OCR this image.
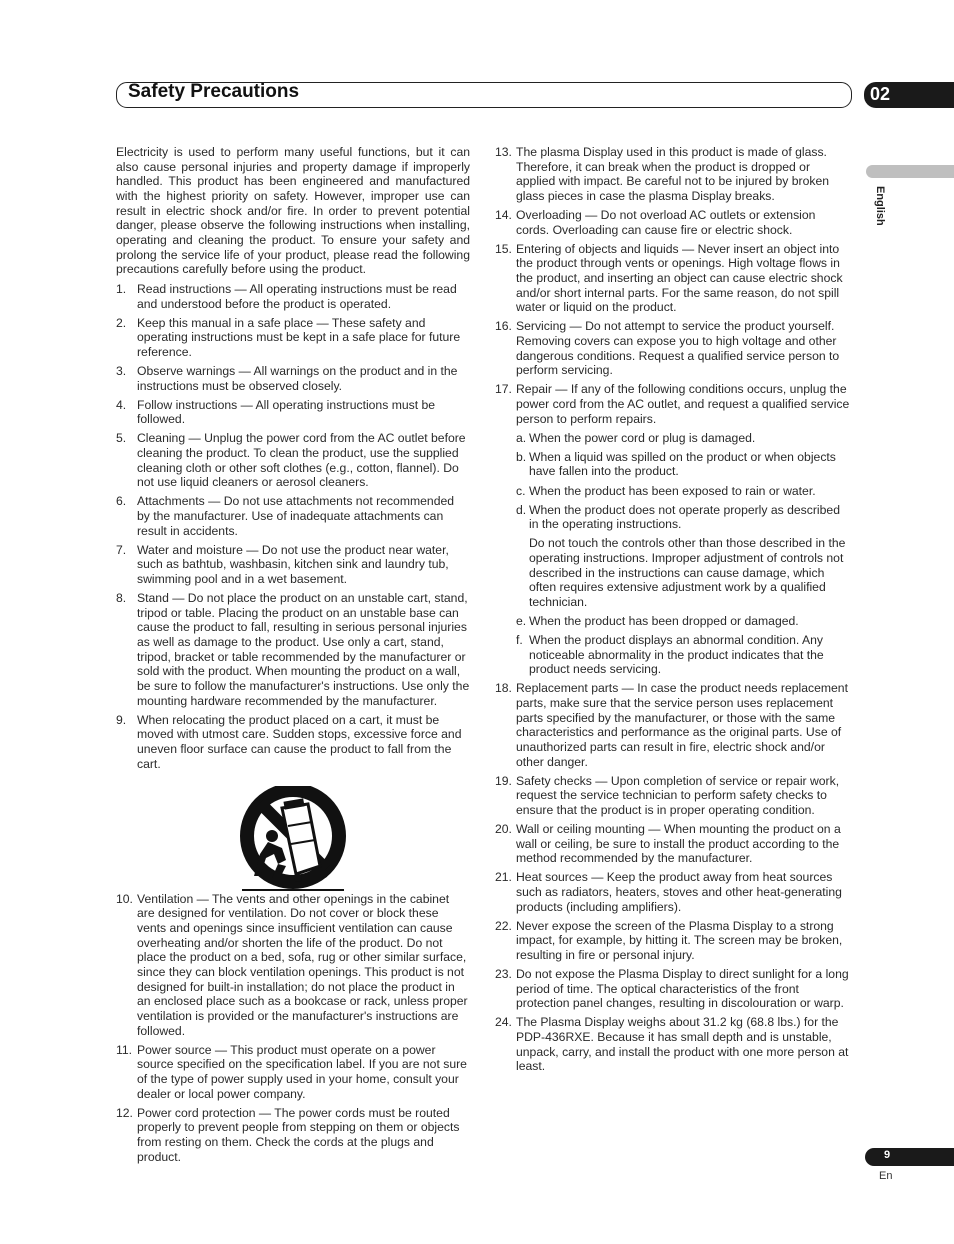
Safety Precautions	02
English

Electricity is used to perform many useful functions, but it can also cause personal injuries and property damage if improperly handled. This product has been engineered and manufactured with the highest priority on safety. However, improper use can result in electric shock and/or fire. In order to prevent potential danger, please observe the following instructions when installing, operating and cleaning the product. To ensure your safety and prolong the service life of your product, please read the following precautions carefully before using the product.

1. Read instructions — All operating instructions must be read and understood before the product is operated.
2. Keep this manual in a safe place — These safety and operating instructions must be kept in a safe place for future reference.
3. Observe warnings — All warnings on the product and in the instructions must be observed closely.
4. Follow instructions — All operating instructions must be followed.
5. Cleaning — Unplug the power cord from the AC outlet before cleaning the product. To clean the product, use the supplied cleaning cloth or other soft clothes (e.g., cotton, flannel). Do not use liquid cleaners or aerosol cleaners.
6. Attachments — Do not use attachments not recommended by the manufacturer. Use of inadequate attachments can result in accidents.
7. Water and moisture — Do not use the product near water, such as bathtub, washbasin, kitchen sink and laundry tub, swimming pool and in a wet basement.
8. Stand — Do not place the product on an unstable cart, stand, tripod or table. Placing the product on an unstable base can cause the product to fall, resulting in serious personal injuries as well as damage to the product. Use only a cart, stand, tripod, bracket or table recommended by the manufacturer or sold with the product. When mounting the product on a wall, be sure to follow the manufacturer's instructions. Use only the mounting hardware recommended by the manufacturer.
9. When relocating the product placed on a cart, it must be moved with utmost care. Sudden stops, excessive force and uneven floor surface can cause the product to fall from the cart.
10. Ventilation — The vents and other openings in the cabinet are designed for ventilation. Do not cover or block these vents and openings since insufficient ventilation can cause overheating and/or shorten the life of the product. Do not place the product on a bed, sofa, rug or other similar surface, since they can block ventilation openings. This product is not designed for built-in installation; do not place the product in an enclosed place such as a bookcase or rack, unless proper ventilation is provided or the manufacturer's instructions are followed.
11. Power source — This product must operate on a power source specified on the specification label. If you are not sure of the type of power supply used in your home, consult your dealer or local power company.
12. Power cord protection — The power cords must be routed properly to prevent people from stepping on them or objects from resting on them. Check the cords at the plugs and product.
13. The plasma Display used in this product is made of glass. Therefore, it can break when the product is dropped or applied with impact. Be careful not to be injured by broken glass pieces in case the plasma Display breaks.
14. Overloading — Do not overload AC outlets or extension cords. Overloading can cause fire or electric shock.
15. Entering of objects and liquids — Never insert an object into the product through vents or openings. High voltage flows in the product, and inserting an object can cause electric shock and/or short internal parts. For the same reason, do not spill water or liquid on the product.
16. Servicing — Do not attempt to service the product yourself. Removing covers can expose you to high voltage and other dangerous conditions. Request a qualified service person to perform servicing.
17. Repair — If any of the following conditions occurs, unplug the power cord from the AC outlet, and request a qualified service person to perform repairs.
a. When the power cord or plug is damaged.
b. When a liquid was spilled on the product or when objects have fallen into the product.
c. When the product has been exposed to rain or water.
d. When the product does not operate properly as described in the operating instructions.

Do not touch the controls other than those described in the operating instructions. Improper adjustment of controls not described in the instructions can cause damage, which often requires extensive adjustment work by a qualified technician.

e. When the product has been dropped or damaged.
f. When the product displays an abnormal condition. Any noticeable abnormality in the product indicates that the product needs servicing.
18. Replacement parts — In case the product needs replacement parts, make sure that the service person uses replacement parts specified by the manufacturer, or those with the same characteristics and performance as the original parts. Use of unauthorized parts can result in fire, electric shock and/or other danger.
19. Safety checks — Upon completion of service or repair work, request the service technician to perform safety checks to ensure that the product is in proper operating condition.
20. Wall or ceiling mounting — When mounting the product on a wall or ceiling, be sure to install the product according to the method recommended by the manufacturer.
21. Heat sources — Keep the product away from heat sources such as radiators, heaters, stoves and other heat-generating products (including amplifiers).
22. Never expose the screen of the Plasma Display to a strong impact, for example, by hitting it. The screen may be broken, resulting in fire or personal injury.
23. Do not expose the Plasma Display to direct sunlight for a long period of time. The optical characteristics of the front protection panel changes, resulting in discolouration or warp.
24. The Plasma Display weighs about 31.2 kg (68.8 lbs.) for the PDP-436RXE. Because it has small depth and is unstable, unpack, carry, and install the product with one more person at least.
9
En
